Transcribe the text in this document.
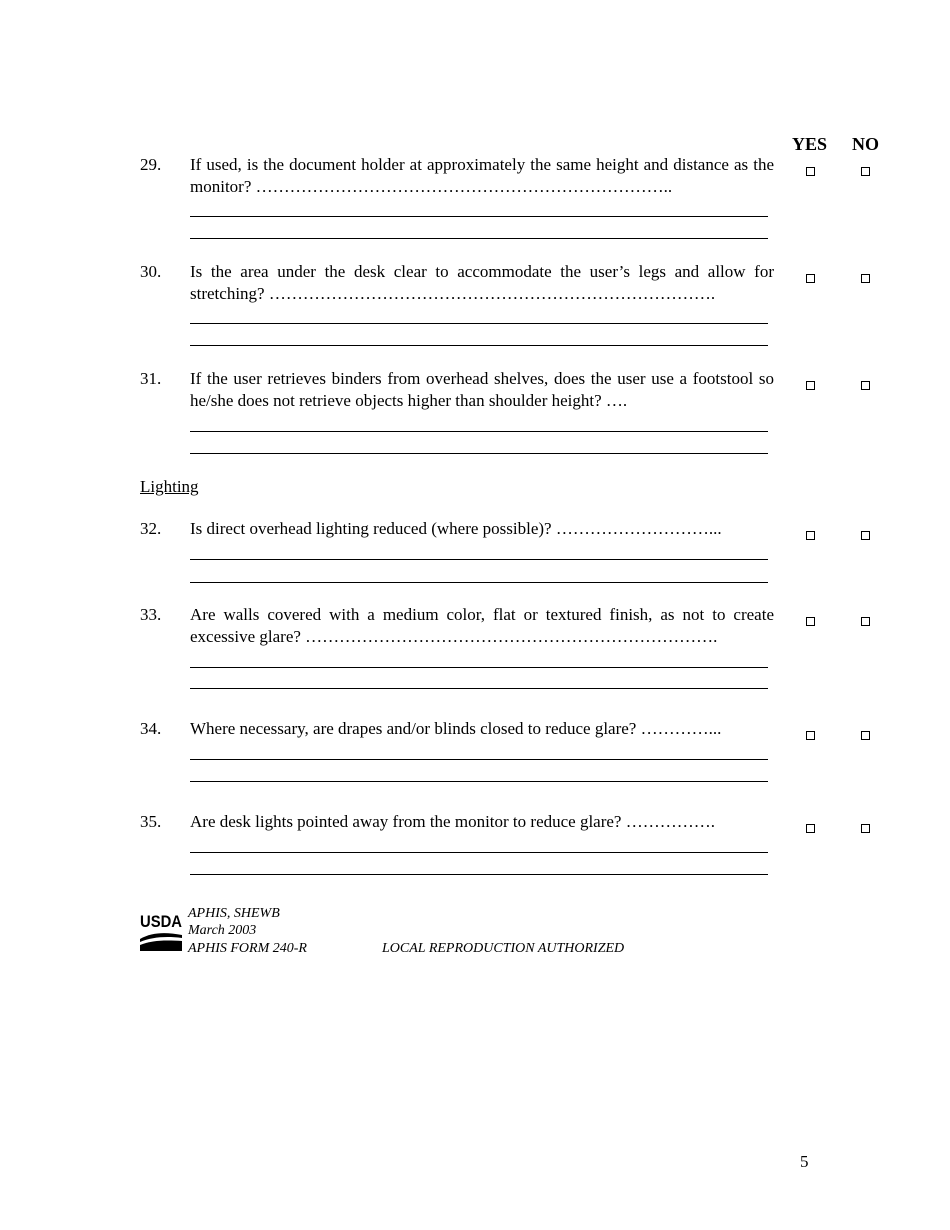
YES NO
29. If used, is the document holder at approximately the same height and distance as the monitor? ………………………………………………………………..
30. Is the area under the desk clear to accommodate the user’s legs and allow for stretching? …………………………………………………………………….
31. If the user retrieves binders from overhead shelves, does the user use a footstool so he/she does not retrieve objects higher than shoulder height? ….
Lighting
32. Is direct overhead lighting reduced (where possible)? ………………………...
33. Are walls covered with a medium color, flat or textured finish, as not to create excessive glare? ……………………………………………………………….
34. Where necessary, are drapes and/or blinds closed to reduce glare? …………...
35. Are desk lights pointed away from the monitor to reduce glare? …………….
USDA APHIS, SHEWB
March 2003
APHIS FORM 240-R	LOCAL REPRODUCTION AUTHORIZED
5
